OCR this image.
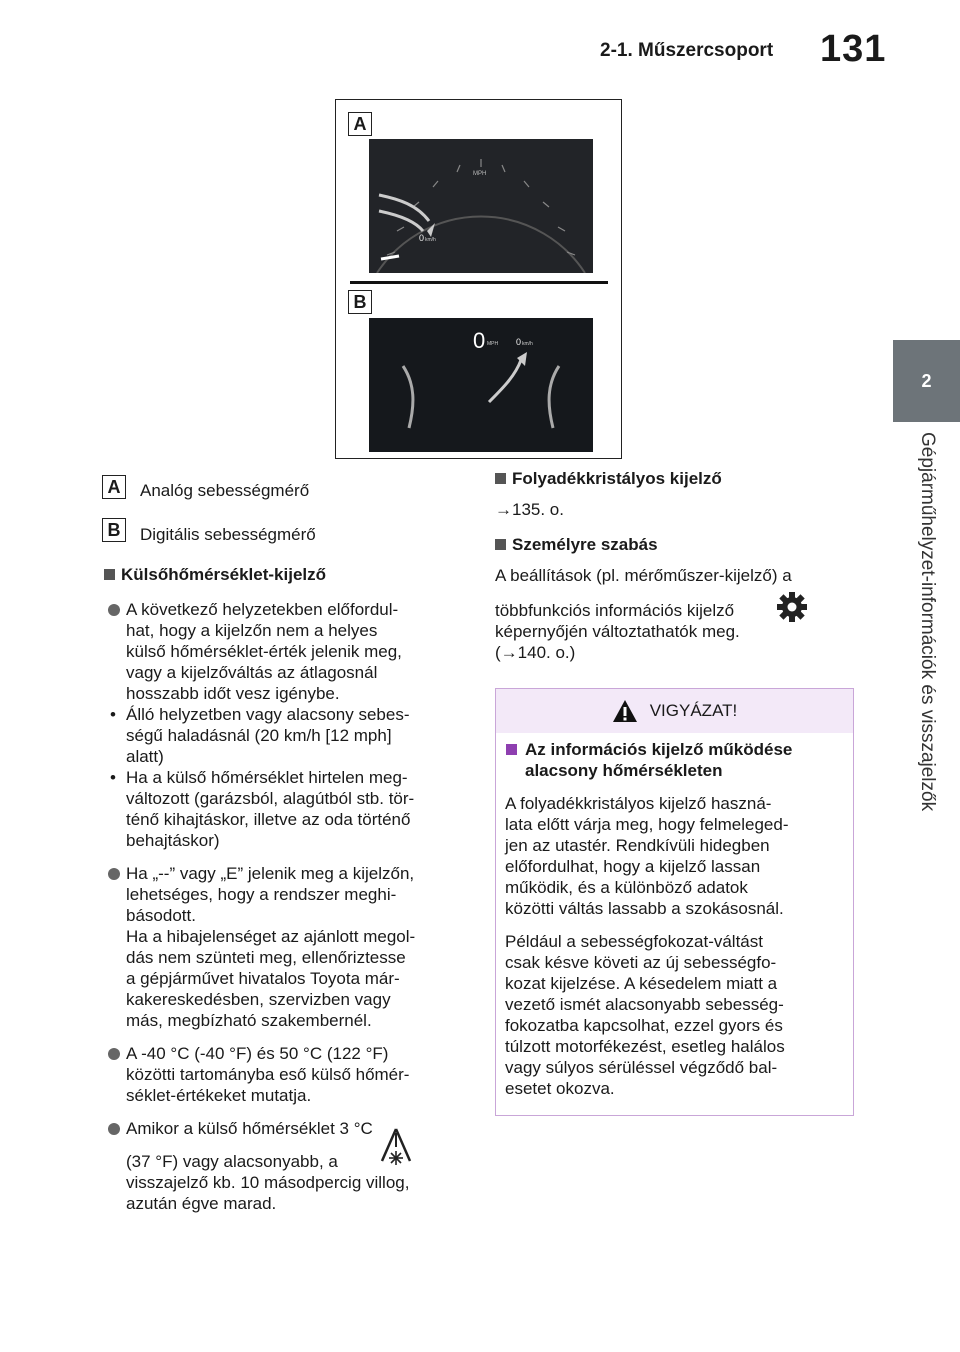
2-1. Műszercsoport 131
2
Gépjárműhelyzet-információk és visszajelzők
A
B
MPH
0 km/h
0 MPH 0 km/h
A	Analóg sebességmérő
B	Digitális sebességmérő
Külsőhőmérséklet-kijelző
A következő helyzetekben előfordul-
hat, hogy a kijelzőn nem a helyes
külső hőmérséklet-érték jelenik meg,
vagy a kijelzőváltás az átlagosnál
hosszabb időt vesz igénybe.
• Álló helyzetben vagy alacsony sebes-
ségű haladásnál (20 km/h [12 mph]
alatt)
• Ha a külső hőmérséklet hirtelen meg-
változott (garázsból, alagútból stb. tör-
ténő kihajtáskor, illetve az oda történő
behajtáskor)
Ha „--” vagy „E” jelenik meg a kijelzőn,
lehetséges, hogy a rendszer meghi-
básodott.
Ha a hibajelenséget az ajánlott megol-
dás nem szünteti meg, ellenőriztesse
a gépjárművet hivatalos Toyota már-
kakereskedésben, szervizben vagy
más, megbízható szakembernél.
A -40 °C (-40 °F) és 50 °C (122 °F)
közötti tartományba eső külső hőmér-
séklet-értékeket mutatja.
Amikor a külső hőmérséklet 3 °C
(37 °F) vagy alacsonyabb, a
visszajelző kb. 10 másodpercig villog,
azután égve marad.
Folyadékkristályos kijelző
→135. o.
Személyre szabás
A beállítások (pl. mérőműszer-kijelző) a
többfunkciós információs kijelző
képernyőjén változtathatók meg.
(→140. o.)
VIGYÁZAT!
Az információs kijelző működése
alacsony hőmérsékleten
A folyadékkristályos kijelző haszná-
lata előtt várja meg, hogy felmeleged-
jen az utastér. Rendkívüli hidegben
előfordulhat, hogy a kijelző lassan
működik, és a különböző adatok
közötti váltás lassabb a szokásosnál.
Például a sebességfokozat-váltást
csak késve követi az új sebességfo-
kozat kijelzése. A késedelem miatt a
vezető ismét alacsonyabb sebesség-
fokozatba kapcsolhat, ezzel gyors és
túlzott motorfékezést, esetleg halálos
vagy súlyos sérüléssel végződő bal-
esetet okozva.
